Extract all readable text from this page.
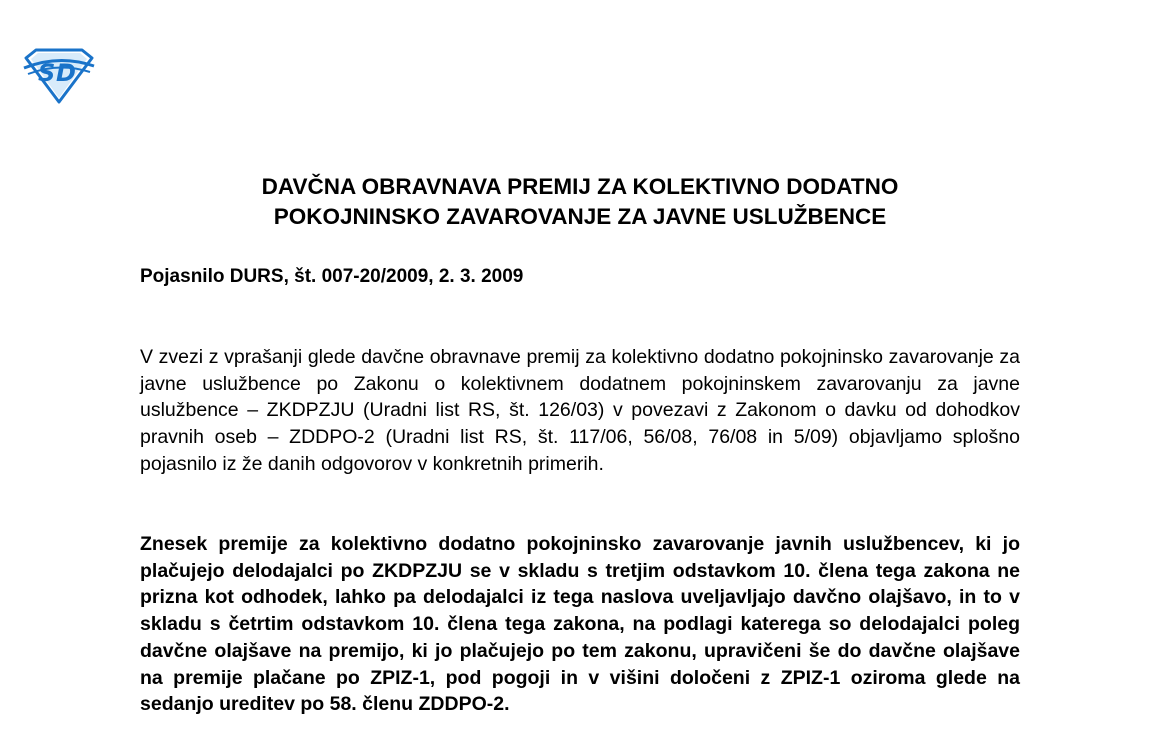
S D
DAVČNA OBRAVNAVA PREMIJ ZA KOLEKTIVNO DODATNO
POKOJNINSKO ZAVAROVANJE ZA JAVNE USLUŽBENCE

Pojasnilo DURS, št. 007-20/2009, 2. 3. 2009

V zvezi z vprašanji glede davčne obravnave premij za kolektivno dodatno pokojninsko zavarovanje za javne uslužbence po Zakonu o kolektivnem dodatnem pokojninskem zavarovanju za javne uslužbence – ZKDPZJU (Uradni list RS, št. 126/03) v povezavi z Zakonom o davku od dohodkov pravnih oseb – ZDDPO-2 (Uradni list RS, št. 117/06, 56/08, 76/08 in 5/09) objavljamo splošno pojasnilo iz že danih odgovorov v konkretnih primerih.

Znesek premije za kolektivno dodatno pokojninsko zavarovanje javnih uslužbencev, ki jo plačujejo delodajalci po ZKDPZJU se v skladu s tretjim odstavkom 10. člena tega zakona ne prizna kot odhodek, lahko pa delodajalci iz tega naslova uveljavljajo davčno olajšavo, in to v skladu s četrtim odstavkom 10. člena tega zakona, na podlagi katerega so delodajalci poleg davčne olajšave na premijo, ki jo plačujejo po tem zakonu, upravičeni še do davčne olajšave na premije plačane po ZPIZ-1, pod pogoji in v višini določeni z ZPIZ-1 oziroma glede na sedanjo ureditev po 58. členu ZDDPO-2.
